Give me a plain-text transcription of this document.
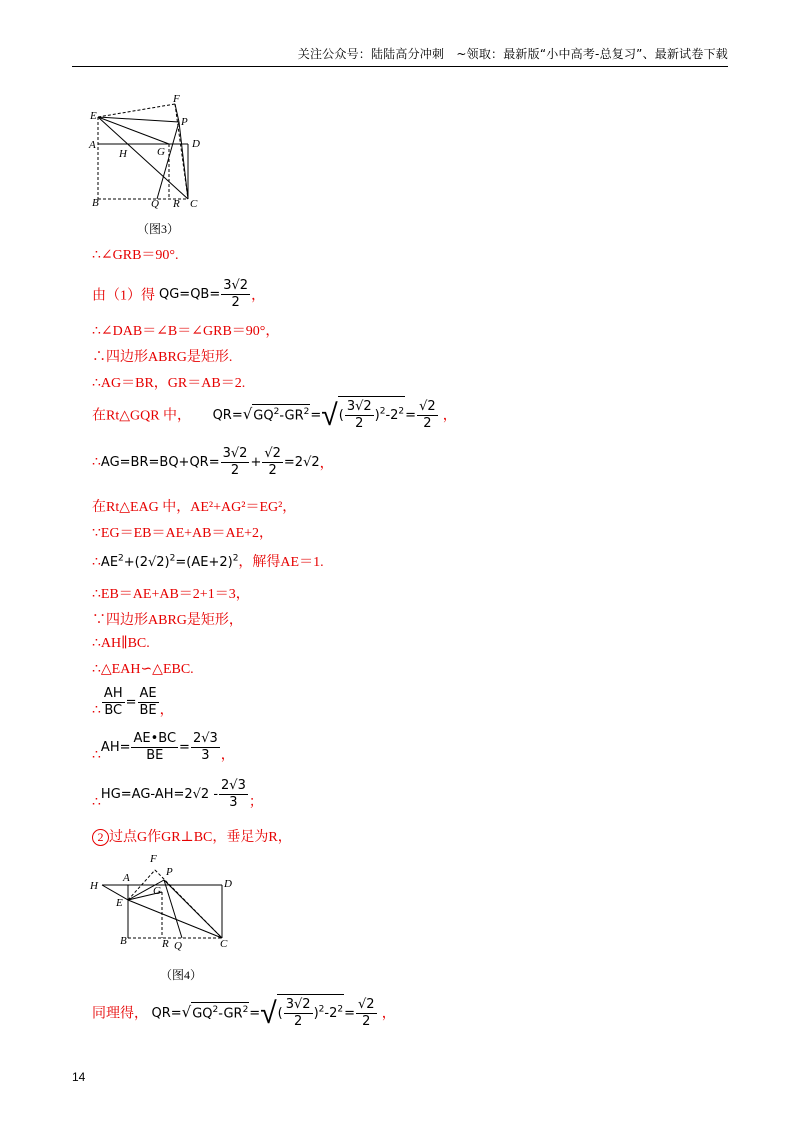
关注公众号：陆陆高分冲刺　~领取：最新版“小中高考-总复习”、最新试卷下载
E
F
P
A
H	G
D
B	Q R C
（图3）
∴∠GRB＝90°.
由（1）得 $QG=QB= \frac{3√2}{2}$ ，
∴∠DAB＝∠B＝∠GRB＝90°，
∴四边形ABRG是矩形.
∴AG＝BR，GR＝AB＝2.
在Rt△GQR 中， $QR=√GQ^2-GR^2=√( \frac{3√2}{2} )^2-2^2= \frac{√2}{2}$ ，
∴AG=BR=BQ+QR= $\frac{3√2}{2} + \frac{√2}{2} =2√2$，
在Rt△EAG 中，AE²+AG²＝EG²，
∵EG＝EB＝AE+AB＝AE+2，
$\therefore AE^2+(2√2)^2=(AE+2)^2$，解得AE＝1.
∴EB＝AE+AB＝2+1＝3，
∵四边形ABRG是矩形，
∴AH∥BC.
∴△EAH∽△EBC.
∴ $\frac{AH}{BC} = \frac{AE}{BE}$ ，
∴AH= $\frac{AE•BC}{BE} = \frac{2√3}{3}$ ，
∴HG=AG-AH=2√2 - $\frac{2√3}{3}$ ；
2 过点G作GR⊥BC，垂足为R，
F
H
A	P
G
D
E
B	R Q	C
（图4）
同理得， $QR=√GQ^2-GR^2=√( \frac{3√2}{2} )^2-2^2= \frac{√2}{2}$ ，
14
